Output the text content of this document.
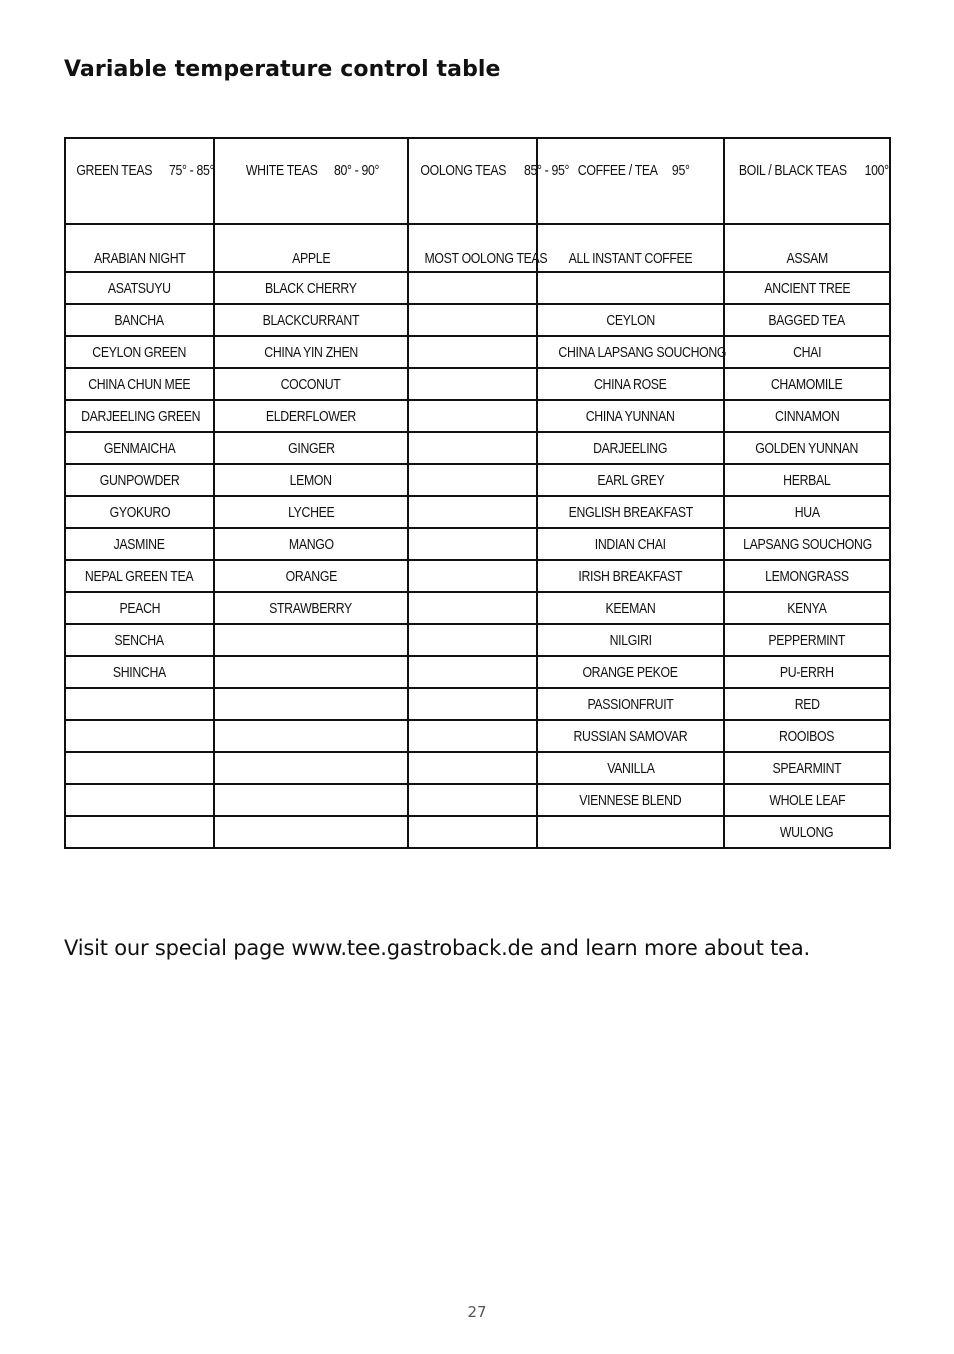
Variable temperature control table
GREEN TEAS 75° - 85°	WHITE TEAS 80° - 90°	OOLONG TEAS 85° - 95°	COFFEE / TEA 95°	BOIL / BLACK TEAS 100°
ARABIAN NIGHT	APPLE	MOST OOLONG TEAS	ALL INSTANT COFFEE	ASSAM
ASATSUYU	BLACK CHERRY			ANCIENT TREE
BANCHA	BLACKCURRANT		CEYLON	BAGGED TEA
CEYLON GREEN	CHINA YIN ZHEN		CHINA LAPSANG SOUCHONG	CHAI
CHINA CHUN MEE	COCONUT		CHINA ROSE	CHAMOMILE
DARJEELING GREEN	ELDERFLOWER		CHINA YUNNAN	CINNAMON
GENMAICHA	GINGER		DARJEELING	GOLDEN YUNNAN
GUNPOWDER	LEMON		EARL GREY	HERBAL
GYOKURO	LYCHEE		ENGLISH BREAKFAST	HUA
JASMINE	MANGO		INDIAN CHAI	LAPSANG SOUCHONG
NEPAL GREEN TEA	ORANGE		IRISH BREAKFAST	LEMONGRASS
PEACH	STRAWBERRY		KEEMAN	KENYA
SENCHA			NILGIRI	PEPPERMINT
SHINCHA			ORANGE PEKOE	PU-ERRH
			PASSIONFRUIT	RED
			RUSSIAN SAMOVAR	ROOIBOS
			VANILLA	SPEARMINT
			VIENNESE BLEND	WHOLE LEAF
				WULONG

Visit our special page www.tee.gastroback.de and learn more about tea.

27
